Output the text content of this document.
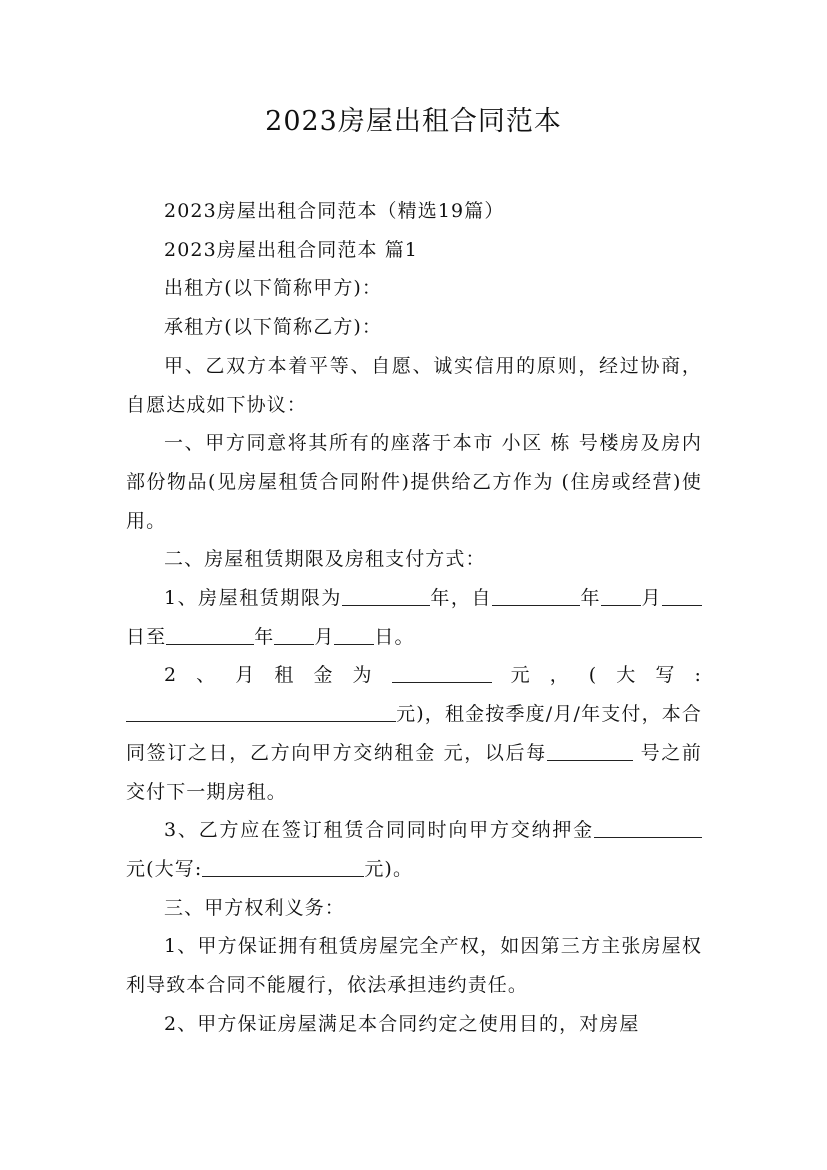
2023房屋出租合同范本

2023房屋出租合同范本（精选19篇）

2023房屋出租合同范本 篇1

出租方(以下简称甲方)：

承租方(以下简称乙方)：

甲、乙双方本着平等、自愿、诚实信用的原则，经过协商，自愿达成如下协议：

一、甲方同意将其所有的座落于本市 小区 栋 号楼房及房内部份物品(见房屋租赁合同附件)提供给乙方作为 (住房或经营)使用。

二、房屋租赁期限及房租支付方式：

1、房屋租赁期限为	年，自	年 月日至	年 月 日。

2、月租金为	元，(大写:元)，租金按季度/月/年支付，本合同签订之日，乙方向甲方交纳租金 元，以后每	号之前交付下一期房租。

3、乙方应在签订租赁合同同时向甲方交纳押金元(大写:	元)。

三、甲方权利义务：

1、甲方保证拥有租赁房屋完全产权，如因第三方主张房屋权利导致本合同不能履行，依法承担违约责任。

2、甲方保证房屋满足本合同约定之使用目的，对房屋
